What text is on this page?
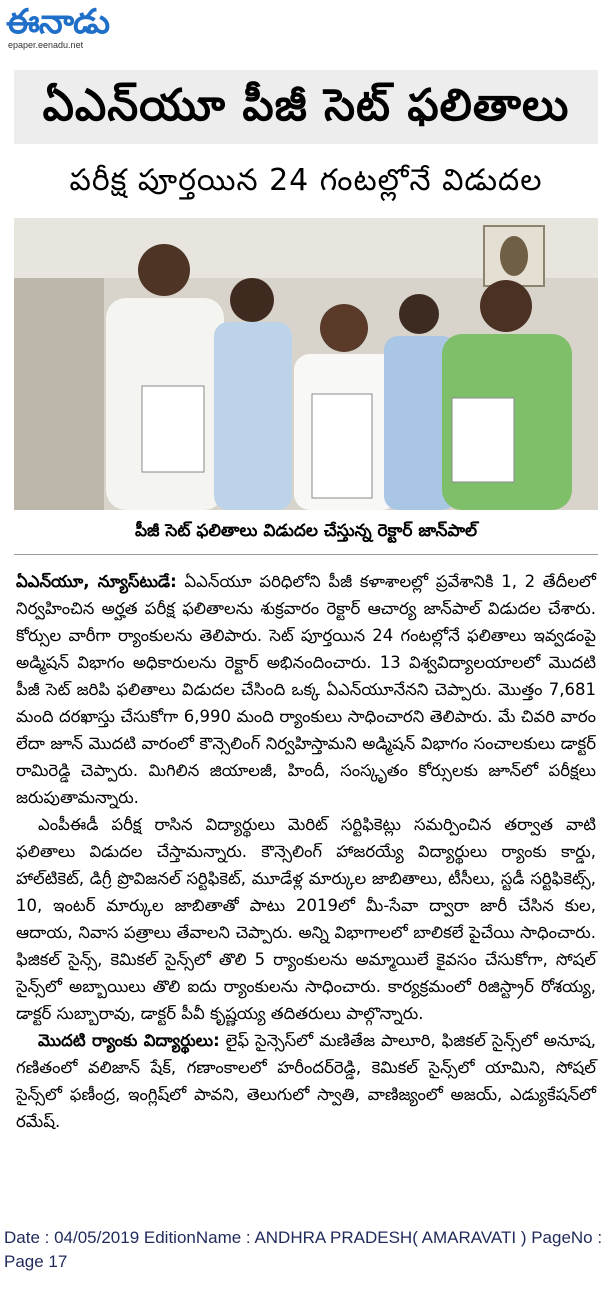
ఈనాడు
epaper.eenadu.net
ఏఎన్‌యూ పీజీ సెట్‌ ఫలితాలు
పరీక్ష పూర్తయిన 24 గంటల్లోనే విడుదల
పీజీ సెట్‌ ఫలితాలు విడుదల చేస్తున్న రెక్టార్‌ జాన్‌పాల్‌

ఏఎన్‌యూ, న్యూస్‌టుడే: ఏఎన్‌యూ పరిధిలోని పీజీ కళాశాలల్లో ప్రవేశానికి 1, 2 తేదీలలో నిర్వహించిన అర్హత పరీక్ష ఫలితాలను శుక్రవారం రెక్టార్‌ ఆచార్య జాన్‌పాల్‌ విడుదల చేశారు. కోర్సుల వారీగా ర్యాంకులను తెలిపారు. సెట్‌ పూర్తయిన 24 గంటల్లోనే ఫలితాలు ఇవ్వడంపై అడ్మిషన్‌ విభాగం అధికారులను రెక్టార్‌ అభినందించారు. 13 విశ్వవిద్యాలయాలలో మొదటి పీజీ సెట్‌ జరిపి ఫలితాలు విడుదల చేసింది ఒక్క ఏఎన్‌యూనేనని చెప్పారు. మొత్తం 7,681 మంది దరఖాస్తు చేసుకోగా 6,990 మంది ర్యాంకులు సాధించారని తెలిపారు. మే చివరి వారం లేదా జూన్‌ మొదటి వారంలో కౌన్సెలింగ్‌ నిర్వహిస్తామని అడ్మిషన్‌ విభాగం సంచాలకులు డాక్టర్‌ రామిరెడ్డి చెప్పారు. మిగిలిన జియాలజీ, హిందీ, సంస్కృతం కోర్సులకు జూన్‌లో పరీక్షలు జరుపుతామన్నారు.

ఎంపీఈడీ పరీక్ష రాసిన విద్యార్థులు మెరిట్‌ సర్టిఫికెట్లు సమర్పించిన తర్వాత వాటి ఫలితాలు విడుదల చేస్తామన్నారు. కౌన్సెలింగ్‌ హాజరయ్యే విద్యార్థులు ర్యాంకు కార్డు, హాల్‌టికెట్‌, డిగ్రీ ప్రొవిజనల్‌ సర్టిఫికెట్‌, మూడేళ్ల మార్కుల జాబితాలు, టీసీలు, స్టడీ సర్టిఫికెట్స్‌, 10, ఇంటర్‌ మార్కుల జాబితాతో పాటు 2019లో మీ-సేవా ద్వారా జారీ చేసిన కుల, ఆదాయ, నివాస పత్రాలు తేవాలని చెప్పారు. అన్ని విభాగాలలో బాలికలే పైచేయి సాధించారు. ఫిజికల్‌ సైన్స్‌, కెమికల్‌ సైన్స్‌లో తొలి 5 ర్యాంకులను అమ్మాయిలే కైవసం చేసుకోగా, సోషల్‌ సైన్స్‌లో అబ్బాయిలు తొలి ఐదు ర్యాంకులను సాధించారు. కార్యక్రమంలో రిజిస్ట్రార్‌ రోశయ్య, డాక్టర్‌ సుబ్బారావు, డాక్టర్‌ పీవీ కృష్ణయ్య తదితరులు పాల్గొన్నారు.

మొదటి ర్యాంకు విద్యార్థులు: లైఫ్‌ సైన్సెస్‌లో మణితేజ పాలూరి, ఫిజికల్‌ సైన్స్‌లో అనూష, గణితంలో వలిజాన్‌ షేక్‌, గణాంకాలలో హరీందర్‌రెడ్డి, కెమికల్‌ సైన్స్‌లో యామిని, సోషల్‌ సైన్స్‌లో ఫణీంద్ర, ఇంగ్లిష్‌లో పావని, తెలుగులో స్వాతి, వాణిజ్యంలో అజయ్‌, ఎడ్యుకేషన్‌లో రమేష్‌.

Date : 04/05/2019 EditionName : ANDHRA PRADESH( AMARAVATI ) PageNo : Page 17
